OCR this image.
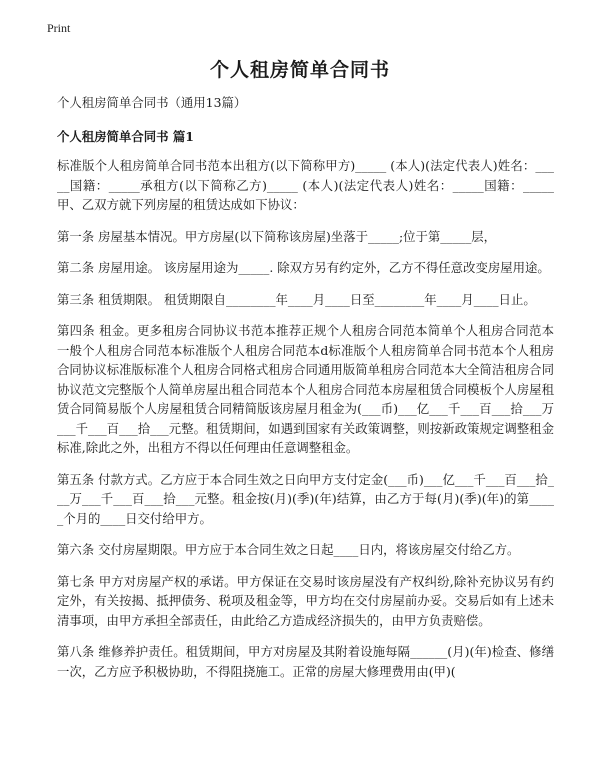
Print
个人租房简单合同书

个人租房简单合同书（通用13篇）

个人租房简单合同书 篇1

标准版个人租房简单合同书范本出租方(以下简称甲方)_____ (本人)(法定代表人)姓名：_____国籍：_____承租方(以下简称乙方)_____ (本人)(法定代表人)姓名：_____国籍：_____甲、乙双方就下列房屋的租赁达成如下协议：

第一条 房屋基本情况。甲方房屋(以下简称该房屋)坐落于_____;位于第_____层，

第二条 房屋用途。 该房屋用途为_____. 除双方另有约定外，乙方不得任意改变房屋用途。

第三条 租赁期限。 租赁期限自________年____月____日至________年____月____日止。

第四条 租金。更多租房合同协议书范本推荐正规个人租房合同范本简单个人租房合同范本一般个人租房合同范本标准版个人租房合同范本d标准版个人租房简单合同书范本个人租房合同协议标准版标准个人租房合同格式租房合同通用版简单租房合同范本大全简洁租房合同协议范文完整版个人简单房屋出租合同范本个人租房合同范本房屋租赁合同模板个人房屋租赁合同简易版个人房屋租赁合同精简版该房屋月租金为(___币)___亿___千___百___拾___万___千___百___拾___元整。租赁期间，如遇到国家有关政策调整，则按新政策规定调整租金标准,除此之外，出租方不得以任何理由任意调整租金。

第五条 付款方式。乙方应于本合同生效之日向甲方支付定金(___币)___亿___千___百___拾___万___千___百___拾___元整。租金按(月)(季)(年)结算，由乙方于每(月)(季)(年)的第_____个月的____日交付给甲方。

第六条 交付房屋期限。甲方应于本合同生效之日起____日内，将该房屋交付给乙方。

第七条 甲方对房屋产权的承诺。甲方保证在交易时该房屋没有产权纠纷,除补充协议另有约定外，有关按揭、抵押债务、税项及租金等，甲方均在交付房屋前办妥。交易后如有上述未清事项，由甲方承担全部责任，由此给乙方造成经济损失的，由甲方负责赔偿。

第八条 维修养护责任。租赁期间，甲方对房屋及其附着设施每隔______(月)(年)检查、修缮一次，乙方应予积极协助，不得阻挠施工。正常的房屋大修理费用由(甲)(
